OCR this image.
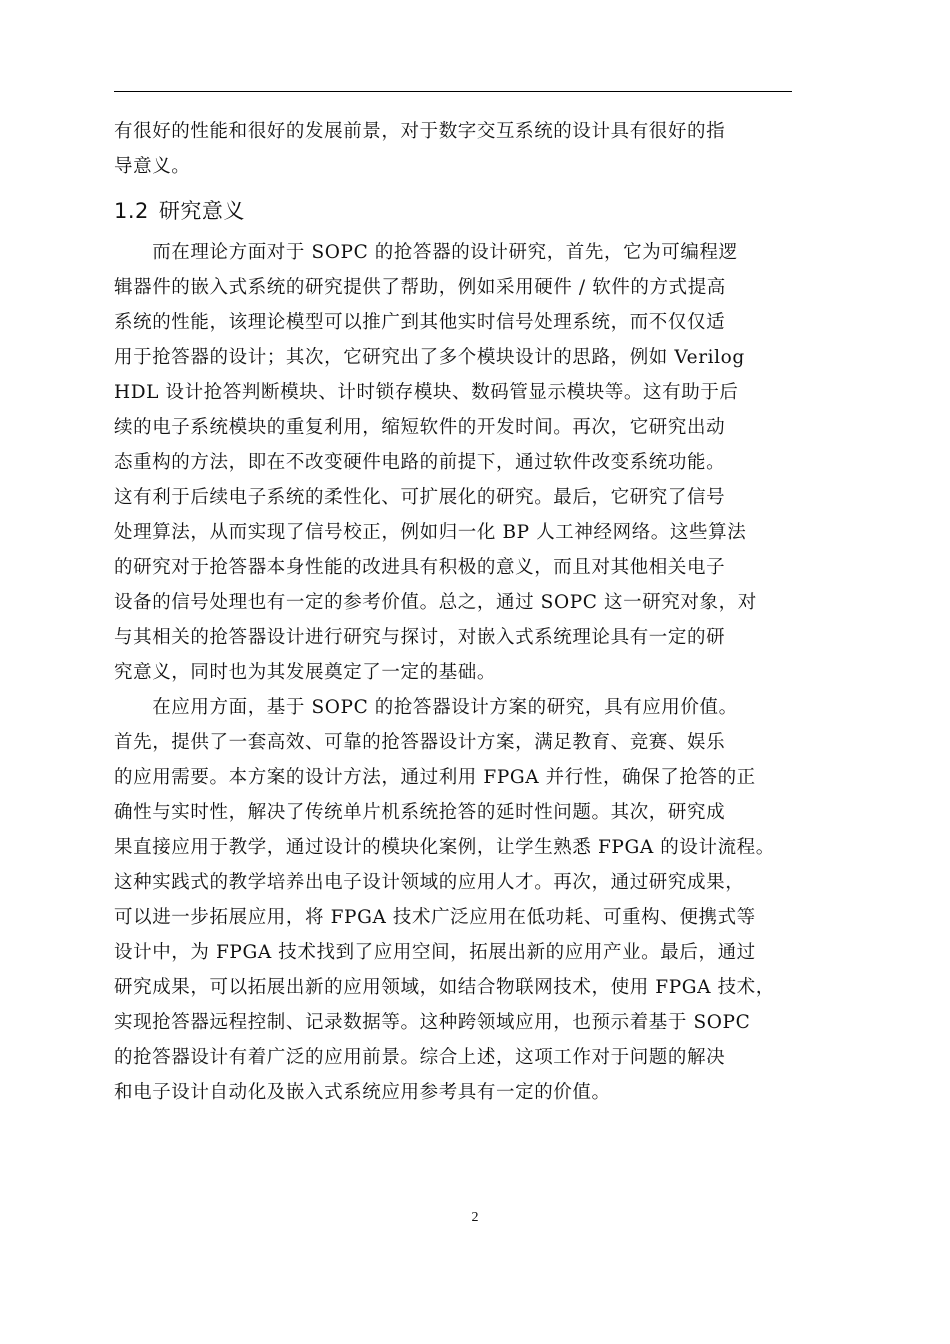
有很好的性能和很好的发展前景，对于数字交互系统的设计具有很好的指
导意义。
1.2 研究意义
　　而在理论方面对于 SOPC 的抢答器的设计研究，首先，它为可编程逻
辑器件的嵌入式系统的研究提供了帮助，例如采用硬件 / 软件的方式提高
系统的性能，该理论模型可以推广到其他实时信号处理系统，而不仅仅适
用于抢答器的设计；其次，它研究出了多个模块设计的思路，例如 Verilog
HDL 设计抢答判断模块、计时锁存模块、数码管显示模块等。这有助于后
续的电子系统模块的重复利用，缩短软件的开发时间。再次，它研究出动
态重构的方法，即在不改变硬件电路的前提下，通过软件改变系统功能。
这有利于后续电子系统的柔性化、可扩展化的研究。最后，它研究了信号
处理算法，从而实现了信号校正，例如归一化 BP 人工神经网络。这些算法
的研究对于抢答器本身性能的改进具有积极的意义，而且对其他相关电子
设备的信号处理也有一定的参考价值。总之，通过 SOPC 这一研究对象，对
与其相关的抢答器设计进行研究与探讨，对嵌入式系统理论具有一定的研
究意义，同时也为其发展奠定了一定的基础。
　　在应用方面，基于 SOPC 的抢答器设计方案的研究，具有应用价值。
首先，提供了一套高效、可靠的抢答器设计方案，满足教育、竞赛、娱乐
的应用需要。本方案的设计方法，通过利用 FPGA 并行性，确保了抢答的正
确性与实时性，解决了传统单片机系统抢答的延时性问题。其次，研究成
果直接应用于教学，通过设计的模块化案例，让学生熟悉 FPGA 的设计流程。
这种实践式的教学培养出电子设计领域的应用人才。再次，通过研究成果，
可以进一步拓展应用，将 FPGA 技术广泛应用在低功耗、可重构、便携式等
设计中，为 FPGA 技术找到了应用空间，拓展出新的应用产业。最后，通过
研究成果，可以拓展出新的应用领域，如结合物联网技术，使用 FPGA 技术，
实现抢答器远程控制、记录数据等。这种跨领域应用，也预示着基于 SOPC
的抢答器设计有着广泛的应用前景。综合上述，这项工作对于问题的解决
和电子设计自动化及嵌入式系统应用参考具有一定的价值。
2
